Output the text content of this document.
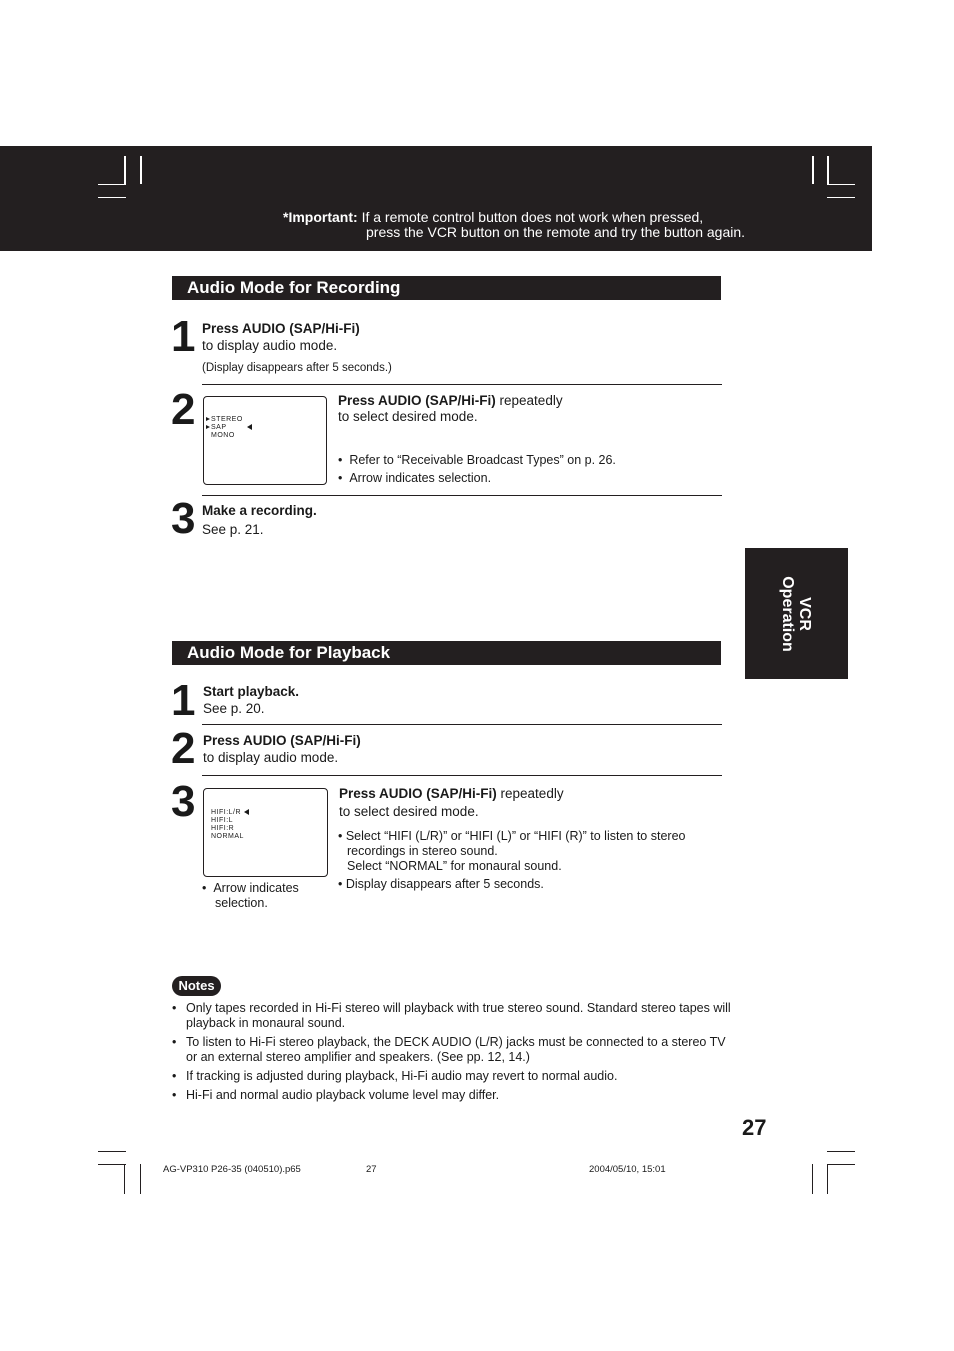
*Important: If a remote control button does not work when pressed,
press the VCR button on the remote and try the button again.
Audio Mode for Recording
1 Press AUDIO (SAP/Hi-Fi)
to display audio mode.
(Display disappears after 5 seconds.)
2	STEREO
SAP
MONO
Press AUDIO (SAP/Hi-Fi) repeatedly
to select desired mode.
•  Refer to “Receivable Broadcast Types” on p. 26.
•  Arrow indicates selection.
3 Make a recording.
See p. 21.
VCR
Operation
Audio Mode for Playback
1 Start playback.
See p. 20.
2 Press AUDIO (SAP/Hi-Fi)
to display audio mode.
3	HIFI:L/R
HIFI:L
HIFI:R
NORMAL
•  Arrow indicates
selection.
Press AUDIO (SAP/Hi-Fi) repeatedly
to select desired mode.
• Select “HIFI (L/R)” or “HIFI (L)” or “HIFI (R)” to listen to stereo
recordings in stereo sound.
Select “NORMAL” for monaural sound.
• Display disappears after 5 seconds.
Notes
• Only tapes recorded in Hi-Fi stereo will playback with true stereo sound. Standard stereo tapes will playback in monaural sound.
• To listen to Hi-Fi stereo playback, the DECK AUDIO (L/R) jacks must be connected to a stereo TV or an external stereo amplifier and speakers. (See pp. 12, 14.)
• If tracking is adjusted during playback, Hi-Fi audio may revert to normal audio.
• Hi-Fi and normal audio playback volume level may differ.
27
AG-VP310 P26-35 (040510).p65	27	2004/05/10, 15:01
